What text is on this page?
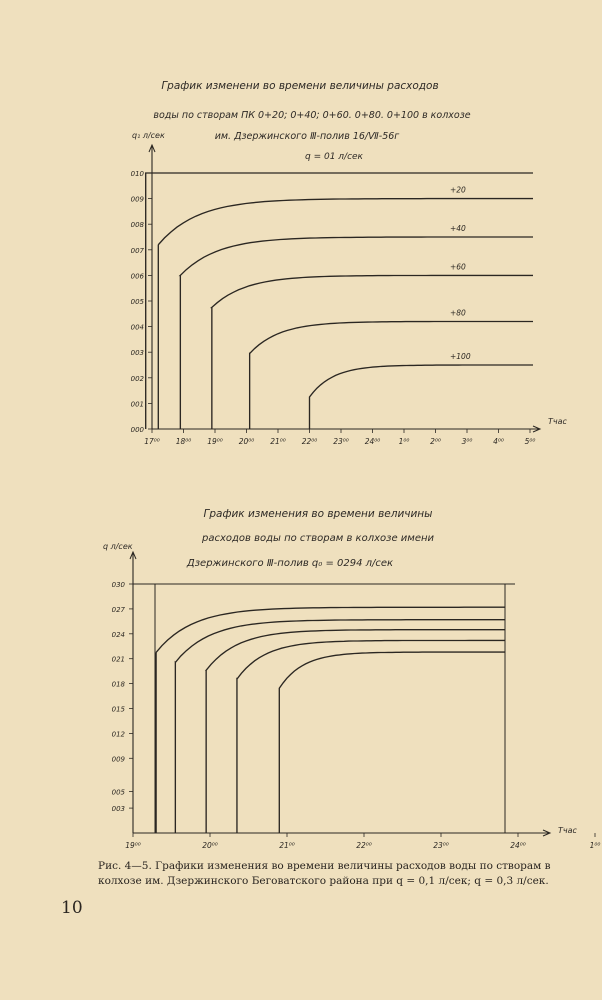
График изменени во времени величины расходов
воды по створам ПК 0+20; 0+40; 0+60. 0+80. 0+100 в колхозе
им. Дзержинского Ⅲ-полив 16/Ⅶ-56г
q₁ л/сек
q = 01 л/сек
Tчас
010
009
008
007
006
005
004
003
002
001
000
17⁰⁰ 18⁰⁰ 19⁰⁰ 20⁰⁰ 21⁰⁰ 22⁰⁰ 23⁰⁰ 24⁰⁰ 1⁰⁰	2⁰⁰	3⁰⁰	4⁰⁰	5⁰⁰
+20
+40
+60
+80
+100
График изменения во времени величины
расходов воды по створам в колхозе имени
Дзержинского Ⅲ-полив q₀ = 0294 л/сек
q л/сек
Tчас
030
027
024
021
018
015
012
009
005
003
19⁰⁰	20⁰⁰	21⁰⁰	22⁰⁰	23⁰⁰	24⁰⁰	1⁰⁰
Рис. 4—5. Графики изменения во времени величины расходов воды по створам в колхозе им. Дзержинского Беговатского района при q = 0,1 л/сек; q = 0,3 л/сек.
10
